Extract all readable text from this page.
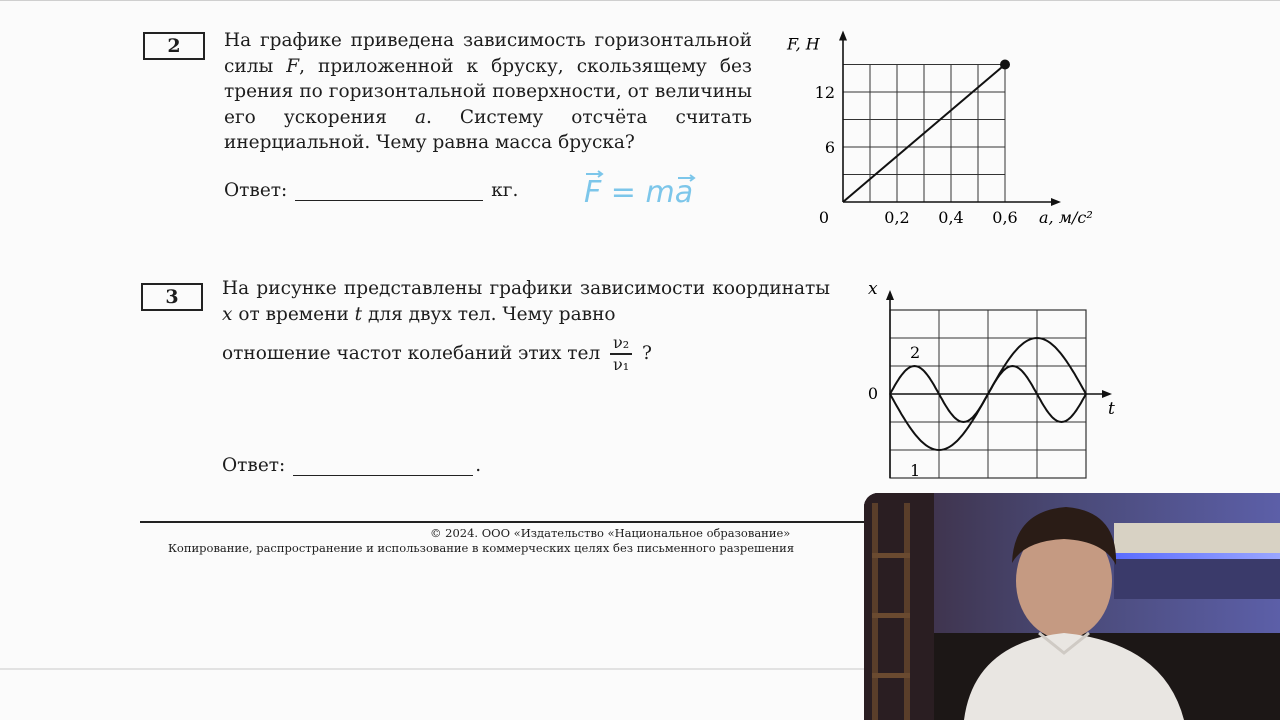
2 На графике приведена зависимость горизонтальной силы F, приложенной к бруску, скользящему без трения по горизонтальной поверхности, от величины его ускорения a. Систему отсчёта считать инерциальной. Чему равна масса бруска?
Ответ:	кг. F = ma
0,2 0,4 0,6
6
12
0	a, м/с²
F, Н
3 На рисунке представлены графики зависимости координаты x от времени t для двух тел. Чему равно
отношение частот колебаний этих тел $\frac{\text{ν₂}}{\text{ν₁}}$ ?
Ответ:	.
0
t
x
2
1
© 2024. ООО «Издательство «Национальное образование»
Копирование, распространение и использование в коммерческих целях без письменного разрешения
